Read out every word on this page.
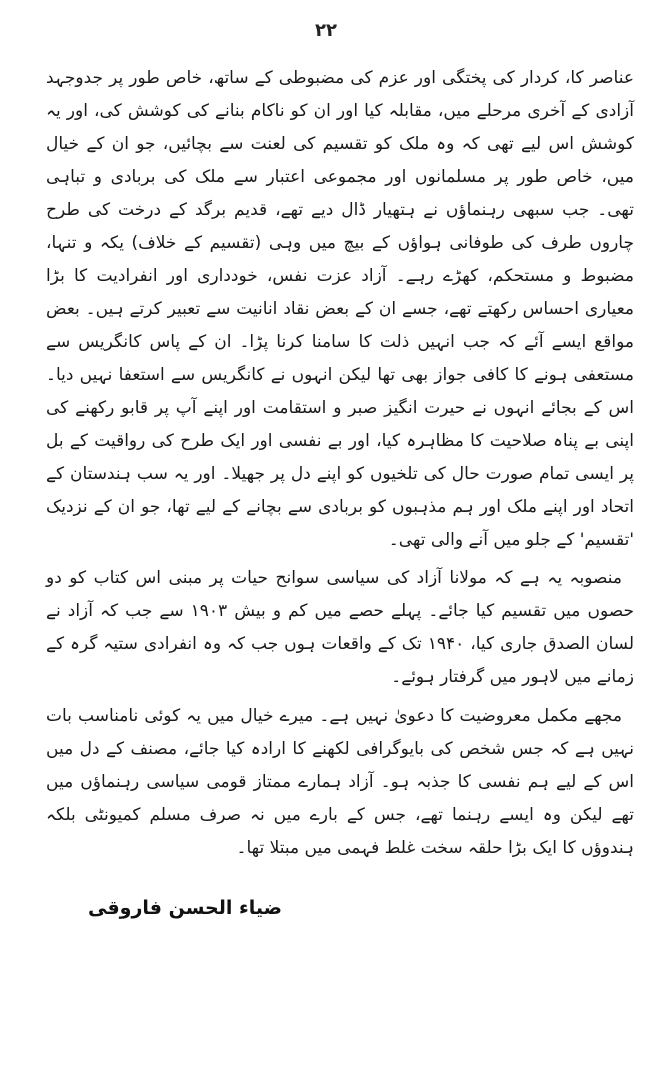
۲۲
عناصر کا، کردار کی پختگی اور عزم کی مضبوطی کے ساتھ، خاص طور پر جدوجہد آزادی کے آخری مرحلے میں، مقابلہ کیا اور ان کو ناکام بنانے کی کوشش کی، اور یہ کوشش اس لیے تھی کہ وہ ملک کو تقسیم کی لعنت سے بچائیں، جو ان کے خیال میں، خاص طور پر مسلمانوں اور مجموعی اعتبار سے ملک کی بربادی و تباہی تھی۔ جب سبھی رہنماؤں نے ہتھیار ڈال دیے تھے، قدیم برگد کے درخت کی طرح چاروں طرف کی طوفانی ہواؤں کے بیچ میں وہی (تقسیم کے خلاف) یکہ و تنہا، مضبوط و مستحکم، کھڑے رہے۔ آزاد عزت نفس، خودداری اور انفرادیت کا بڑا معیاری احساس رکھتے تھے، جسے ان کے بعض نقاد انانیت سے تعبیر کرتے ہیں۔ بعض مواقع ایسے آئے کہ جب انہیں ذلت کا سامنا کرنا پڑا۔ ان کے پاس کانگریس سے مستعفی ہونے کا کافی جواز بھی تھا لیکن انہوں نے کانگریس سے استعفا نہیں دیا۔ اس کے بجائے انہوں نے حیرت انگیز صبر و استقامت اور اپنے آپ پر قابو رکھنے کی اپنی بے پناہ صلاحیت کا مظاہرہ کیا، اور بے نفسی اور ایک طرح کی رواقیت کے بل پر ایسی تمام صورت حال کی تلخیوں کو اپنے دل پر جھیلا۔ اور یہ سب ہندستان کے اتحاد اور اپنے ملک اور ہم مذہبوں کو بربادی سے بچانے کے لیے تھا، جو ان کے نزدیک 'تقسیم' کے جلو میں آنے والی تھی۔
منصوبہ یہ ہے کہ مولانا آزاد کی سیاسی سوانح حیات پر مبنی اس کتاب کو دو حصوں میں تقسیم کیا جائے۔ پہلے حصے میں کم و بیش ۱۹۰۳ سے جب کہ آزاد نے لسان الصدق جاری کیا، ۱۹۴۰ تک کے واقعات ہوں جب کہ وہ انفرادی ستیہ گرہ کے زمانے میں لاہور میں گرفتار ہوئے۔
مجھے مکمل معروضیت کا دعویٰ نہیں ہے۔ میرے خیال میں یہ کوئی نامناسب بات نہیں ہے کہ جس شخص کی بایوگرافی لکھنے کا ارادہ کیا جائے، مصنف کے دل میں اس کے لیے ہم نفسی کا جذبہ ہو۔ آزاد ہمارے ممتاز قومی سیاسی رہنماؤں میں تھے لیکن وہ ایسے رہنما تھے، جس کے بارے میں نہ صرف مسلم کمیونٹی بلکہ ہندوؤں کا ایک بڑا حلقہ سخت غلط فہمی میں مبتلا تھا۔
ضیاء الحسن فاروقی
